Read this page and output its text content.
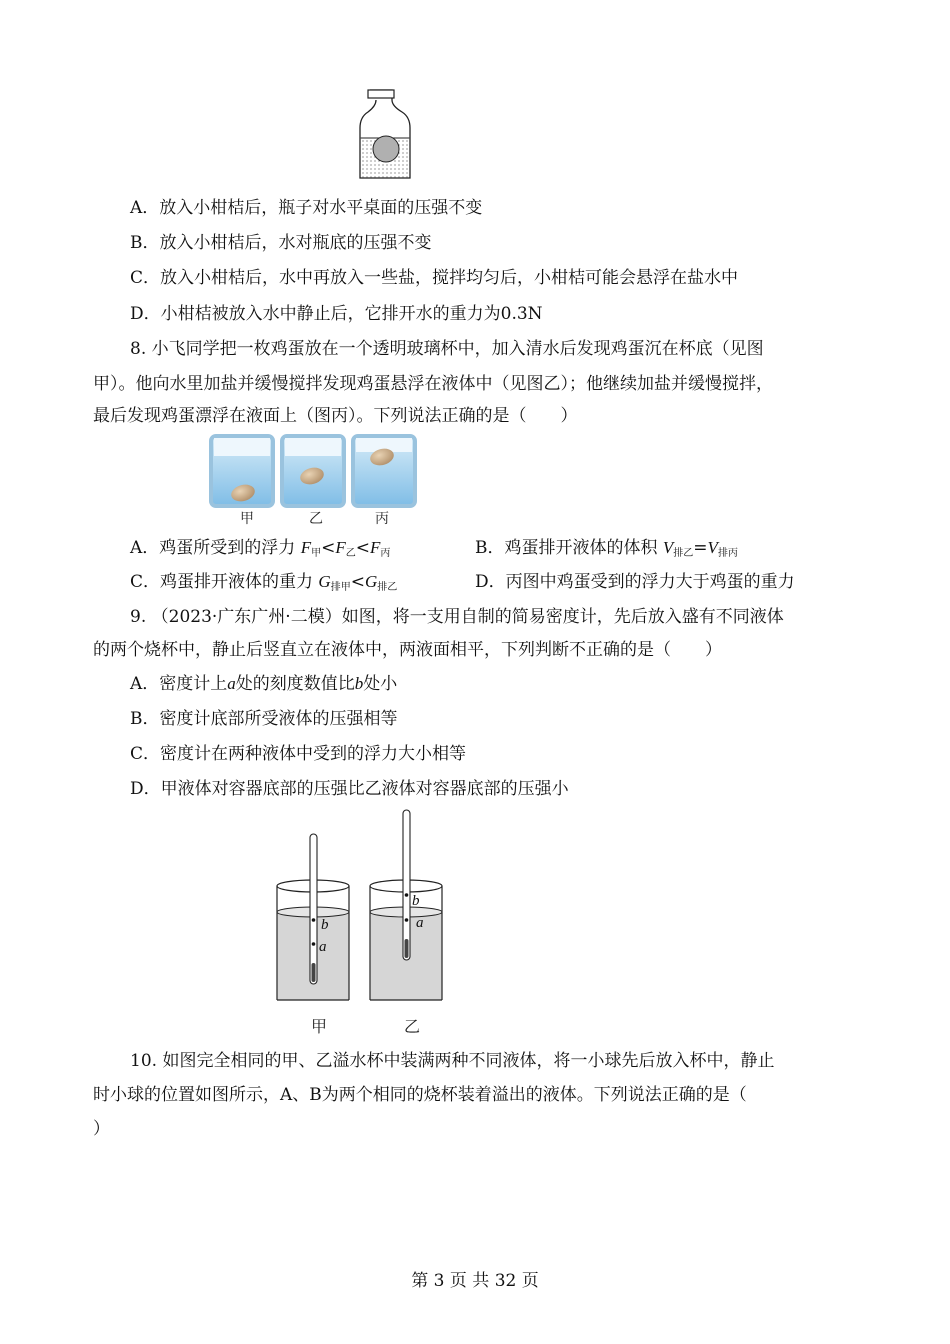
A．放入小柑桔后，瓶子对水平桌面的压强不变
B．放入小柑桔后，水对瓶底的压强不变
C．放入小柑桔后，水中再放入一些盐，搅拌均匀后，小柑桔可能会悬浮在盐水中
D．小柑桔被放入水中静止后，它排开水的重力为0.3N
8. 小飞同学把一枚鸡蛋放在一个透明玻璃杯中，加入清水后发现鸡蛋沉在杯底（见图
甲）。他向水里加盐并缓慢搅拌发现鸡蛋悬浮在液体中（见图乙）；他继续加盐并缓慢搅拌，
最后发现鸡蛋漂浮在液面上（图丙）。下列说法正确的是（　　）
甲	乙	丙
A．鸡蛋所受到的浮力 $F_甲<F_乙<F_丙$	B．鸡蛋排开液体的体积 $V_{排乙}=V_{排丙}$
C．鸡蛋排开液体的重力 $G_{排甲}<G_{排乙}$	D．丙图中鸡蛋受到的浮力大于鸡蛋的重力
9. （2023·广东广州·二模）如图，将一支用自制的简易密度计，先后放入盛有不同液体
的两个烧杯中，静止后竖直立在液体中，两液面相平，下列判断不正确的是（　　）
A．密度计上a处的刻度数值比b处小
B．密度计底部所受液体的压强相等
C．密度计在两种液体中受到的浮力大小相等
D．甲液体对容器底部的压强比乙液体对容器底部的压强小
b
a
b
a
甲	乙
10. 如图完全相同的甲、乙溢水杯中装满两种不同液体，将一小球先后放入杯中，静止
时小球的位置如图所示，A、B为两个相同的烧杯装着溢出的液体。下列说法正确的是（
）
第 3 页 共 32 页
